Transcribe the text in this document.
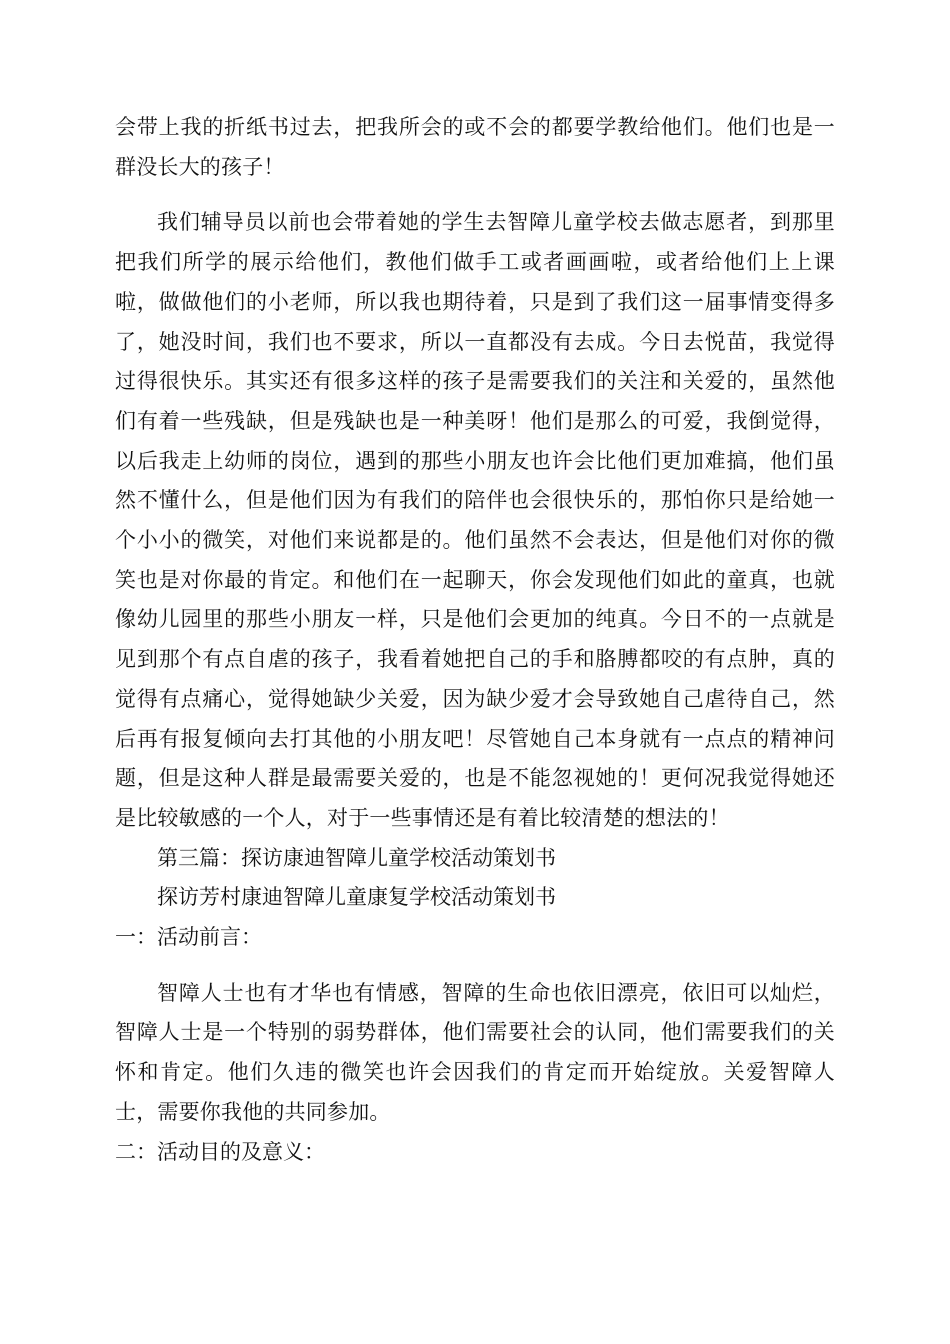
会带上我的折纸书过去，把我所会的或不会的都要学教给他们。他们也是一群没长大的孩子！

我们辅导员以前也会带着她的学生去智障儿童学校去做志愿者，到那里把我们所学的展示给他们，教他们做手工或者画画啦，或者给他们上上课啦，做做他们的小老师，所以我也期待着，只是到了我们这一届事情变得多了，她没时间，我们也不要求，所以一直都没有去成。今日去悦苗，我觉得过得很快乐。其实还有很多这样的孩子是需要我们的关注和关爱的，虽然他们有着一些残缺，但是残缺也是一种美呀！他们是那么的可爱，我倒觉得，以后我走上幼师的岗位，遇到的那些小朋友也许会比他们更加难搞，他们虽然不懂什么，但是他们因为有我们的陪伴也会很快乐的，那怕你只是给她一个小小的微笑，对他们来说都是的。他们虽然不会表达，但是他们对你的微笑也是对你最的肯定。和他们在一起聊天，你会发现他们如此的童真，也就像幼儿园里的那些小朋友一样，只是他们会更加的纯真。今日不的一点就是见到那个有点自虐的孩子，我看着她把自己的手和胳膊都咬的有点肿，真的觉得有点痛心，觉得她缺少关爱，因为缺少爱才会导致她自己虐待自己，然后再有报复倾向去打其他的小朋友吧！尽管她自己本身就有一点点的精神问题，但是这种人群是最需要关爱的，也是不能忽视她的！更何况我觉得她还是比较敏感的一个人，对于一些事情还是有着比较清楚的想法的！

第三篇：探访康迪智障儿童学校活动策划书

探访芳村康迪智障儿童康复学校活动策划书

一：活动前言：

智障人士也有才华也有情感，智障的生命也依旧漂亮，依旧可以灿烂，智障人士是一个特别的弱势群体，他们需要社会的认同，他们需要我们的关怀和肯定。他们久违的微笑也许会因我们的肯定而开始绽放。关爱智障人士，需要你我他的共同参加。

二：活动目的及意义：
